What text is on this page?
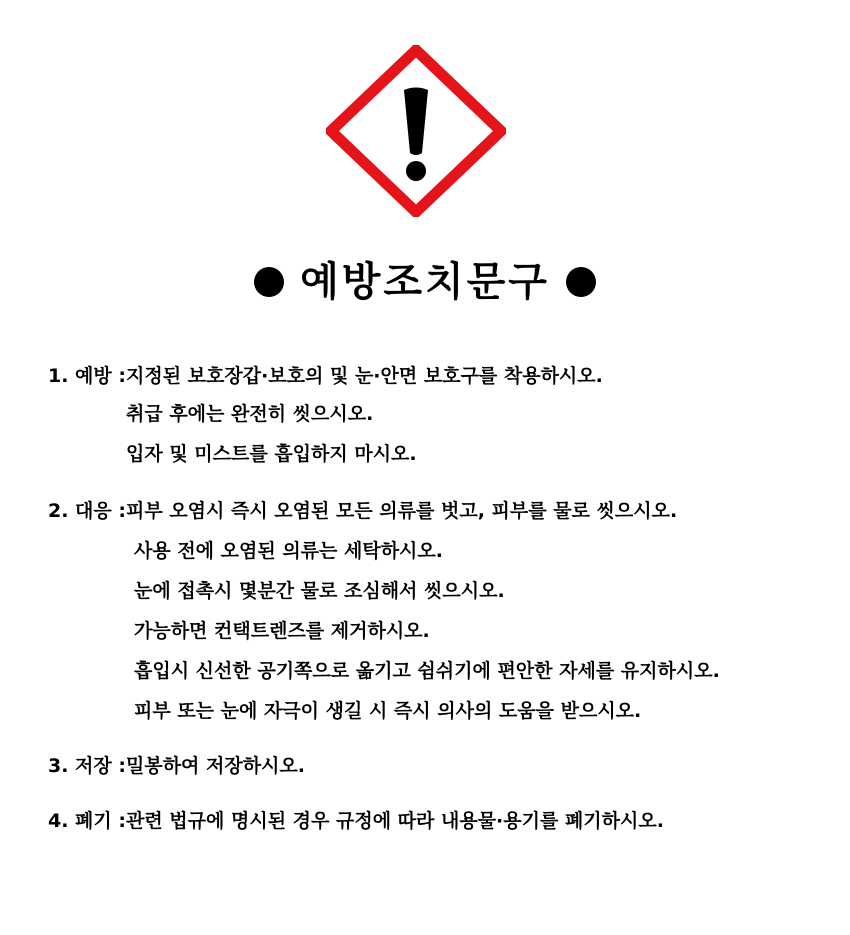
예방조치문구
1. 예방 :지정된 보호장갑·보호의 및 눈·안면 보호구를 착용하시오.
취급 후에는 완전히 씻으시오.
입자 및 미스트를 흡입하지 마시오.
2. 대응 :피부 오염시 즉시 오염된 모든 의류를 벗고, 피부를 물로 씻으시오.
사용 전에 오염된 의류는 세탁하시오.
눈에 접촉시 몇분간 물로 조심해서 씻으시오.
가능하면 컨택트렌즈를 제거하시오.
흡입시 신선한 공기쪽으로 옮기고 쉼쉬기에 편안한 자세를 유지하시오.
피부 또는 눈에 자극이 생길 시 즉시 의사의 도움을 받으시오.
3. 저장 :밀봉하여 저장하시오.
4. 폐기 :관련 법규에 명시된 경우 규정에 따라 내용물·용기를 폐기하시오.
